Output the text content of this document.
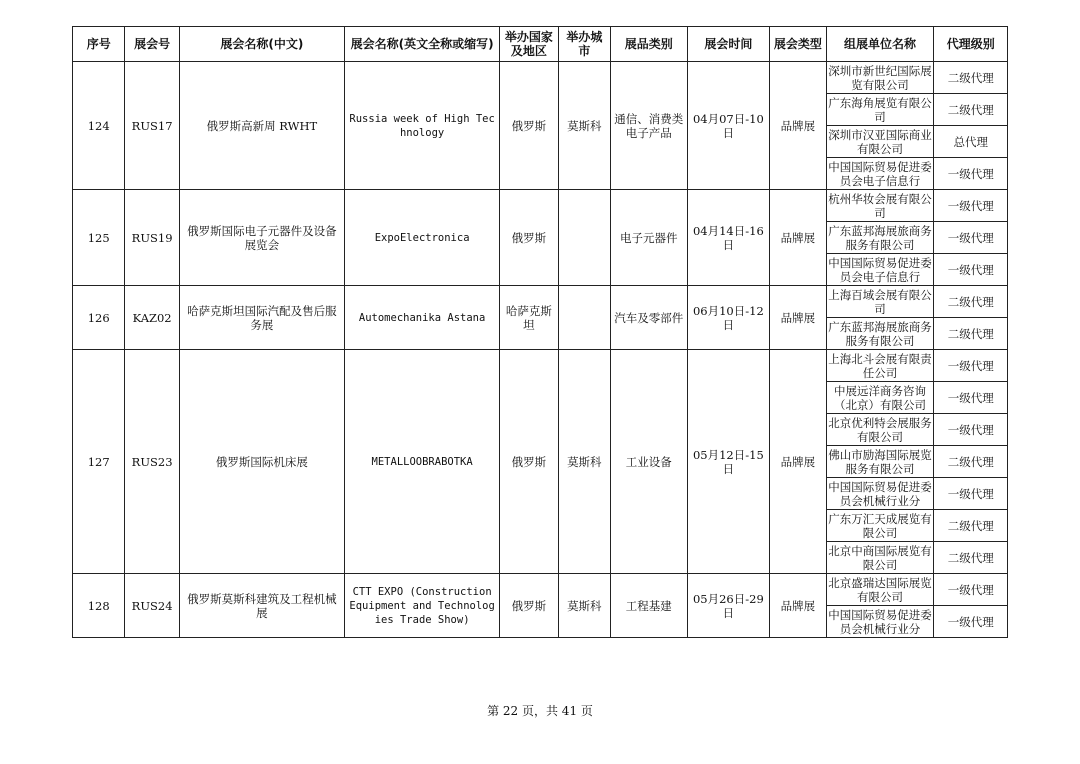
序号	展会号	展会名称(中文)	展会名称(英文全称或缩写)	举办国家及地区	举办城市	展品类别	展会时间	展会类型	组展单位名称	代理级别
124	RUS17	俄罗斯高新周 RWHT	Russia week of High Technology	俄罗斯	莫斯科	通信、消费类电子产品	04月07日-10日	品牌展	深圳市新世纪国际展览有限公司	二级代理
									广东海角展览有限公司	二级代理
									深圳市汉亚国际商业有限公司	总代理
									中国国际贸易促进委员会电子信息行	一级代理
125	RUS19	俄罗斯国际电子元器件及设备展览会	ExpoElectronica	俄罗斯		电子元器件	04月14日-16日	品牌展	杭州华妆会展有限公司	一级代理
									广东蓝邦海展旅商务服务有限公司	一级代理
									中国国际贸易促进委员会电子信息行	一级代理
126	KAZ02	哈萨克斯坦国际汽配及售后服务展	Automechanika Astana	哈萨克斯坦		汽车及零部件	06月10日-12日	品牌展	上海百域会展有限公司	二级代理
									广东蓝邦海展旅商务服务有限公司	二级代理
127	RUS23	俄罗斯国际机床展	METALLOOBRABOTKA	俄罗斯	莫斯科	工业设备	05月12日-15日	品牌展	上海北斗会展有限责任公司	一级代理
									中展远洋商务咨询（北京）有限公司	一级代理
									北京优利特会展服务有限公司	一级代理
									佛山市励海国际展览服务有限公司	二级代理
									中国国际贸易促进委员会机械行业分	一级代理
									广东万汇天成展览有限公司	二级代理
									北京中商国际展览有限公司	二级代理
128	RUS24	俄罗斯莫斯科建筑及工程机械展	CTT EXPO (Construction Equipment and Technologies Trade Show)	俄罗斯	莫斯科	工程基建	05月26日-29日	品牌展	北京盛瑞达国际展览有限公司	一级代理
									中国国际贸易促进委员会机械行业分	一级代理
第 22 页，共 41 页
